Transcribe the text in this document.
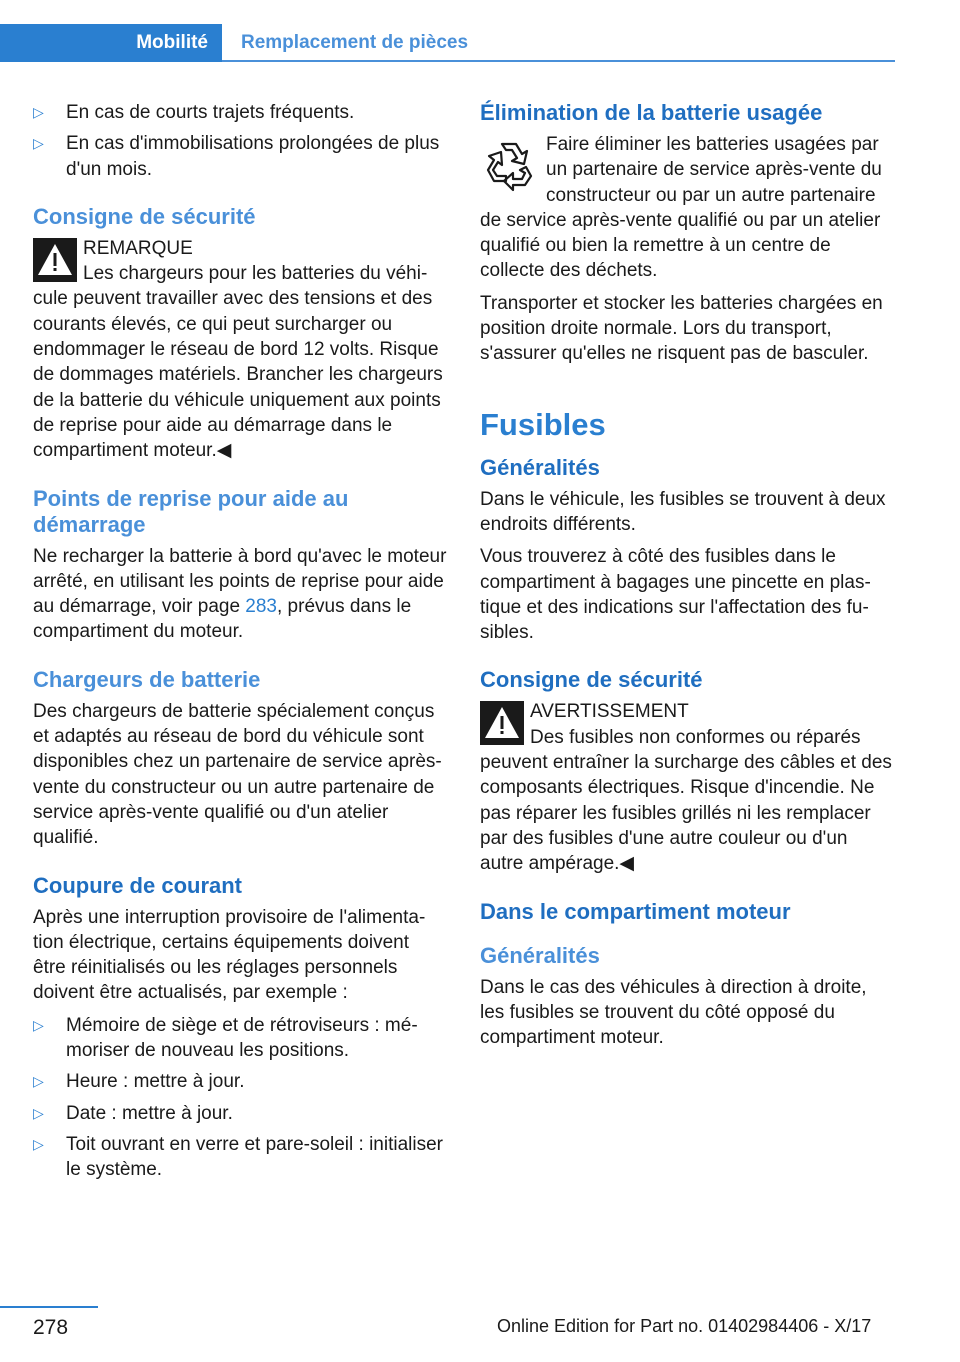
Mobilité	Remplacement de pièces
▷ En cas de courts trajets fréquents.
▷ En cas d'immobilisations prolongées de plus d'un mois.
Consigne de sécurité
REMARQUE

Les chargeurs pour les batteries du véhicule peuvent travailler avec des tensions et des courants élevés, ce qui peut surcharger ou endommager le réseau de bord 12 volts. Risque de dommages matériels. Brancher les chargeurs de la batterie du véhicule uniquement aux points de reprise pour aide au démarrage dans le compartiment moteur.◀

Points de reprise pour aide au démarrage

Ne recharger la batterie à bord qu'avec le moteur arrêté, en utilisant les points de reprise pour aide au démarrage, voir page 283, prévus dans le compartiment du moteur.

Chargeurs de batterie

Des chargeurs de batterie spécialement conçus et adaptés au réseau de bord du véhicule sont disponibles chez un partenaire de service après-vente du constructeur ou un autre partenaire de service après-vente qualifié ou d'un atelier qualifié.

Coupure de courant

Après une interruption provisoire de l'alimentation électrique, certains équipements doivent être réinitialisés ou les réglages personnels doivent être actualisés, par exemple :

▷ Mémoire de siège et de rétroviseurs : mémoriser de nouveau les positions.
▷ Heure : mettre à jour.
▷ Date : mettre à jour.
▷ Toit ouvrant en verre et pare-soleil : initialiser le système.
Élimination de la batterie usagée

Faire éliminer les batteries usagées par un partenaire de service après-vente du constructeur ou par un autre partenaire de service après-vente qualifié ou par un atelier qualifié ou bien la remettre à un centre de collecte des déchets.

Transporter et stocker les batteries chargées en position droite normale. Lors du transport, s'assurer qu'elles ne risquent pas de basculer.

Fusibles
Généralités

Dans le véhicule, les fusibles se trouvent à deux endroits différents.

Vous trouverez à côté des fusibles dans le compartiment à bagages une pincette en plastique et des indications sur l'affectation des fusibles.

Consigne de sécurité
AVERTISSEMENT

Des fusibles non conformes ou réparés peuvent entraîner la surcharge des câbles et des composants électriques. Risque d'incendie. Ne pas réparer les fusibles grillés ni les remplacer par des fusibles d'une autre couleur ou d'un autre ampérage.◀

Dans le compartiment moteur
Généralités

Dans le cas des véhicules à direction à droite, les fusibles se trouvent du côté opposé du compartiment moteur.

278	Online Edition for Part no. 01402984406 - X/17
